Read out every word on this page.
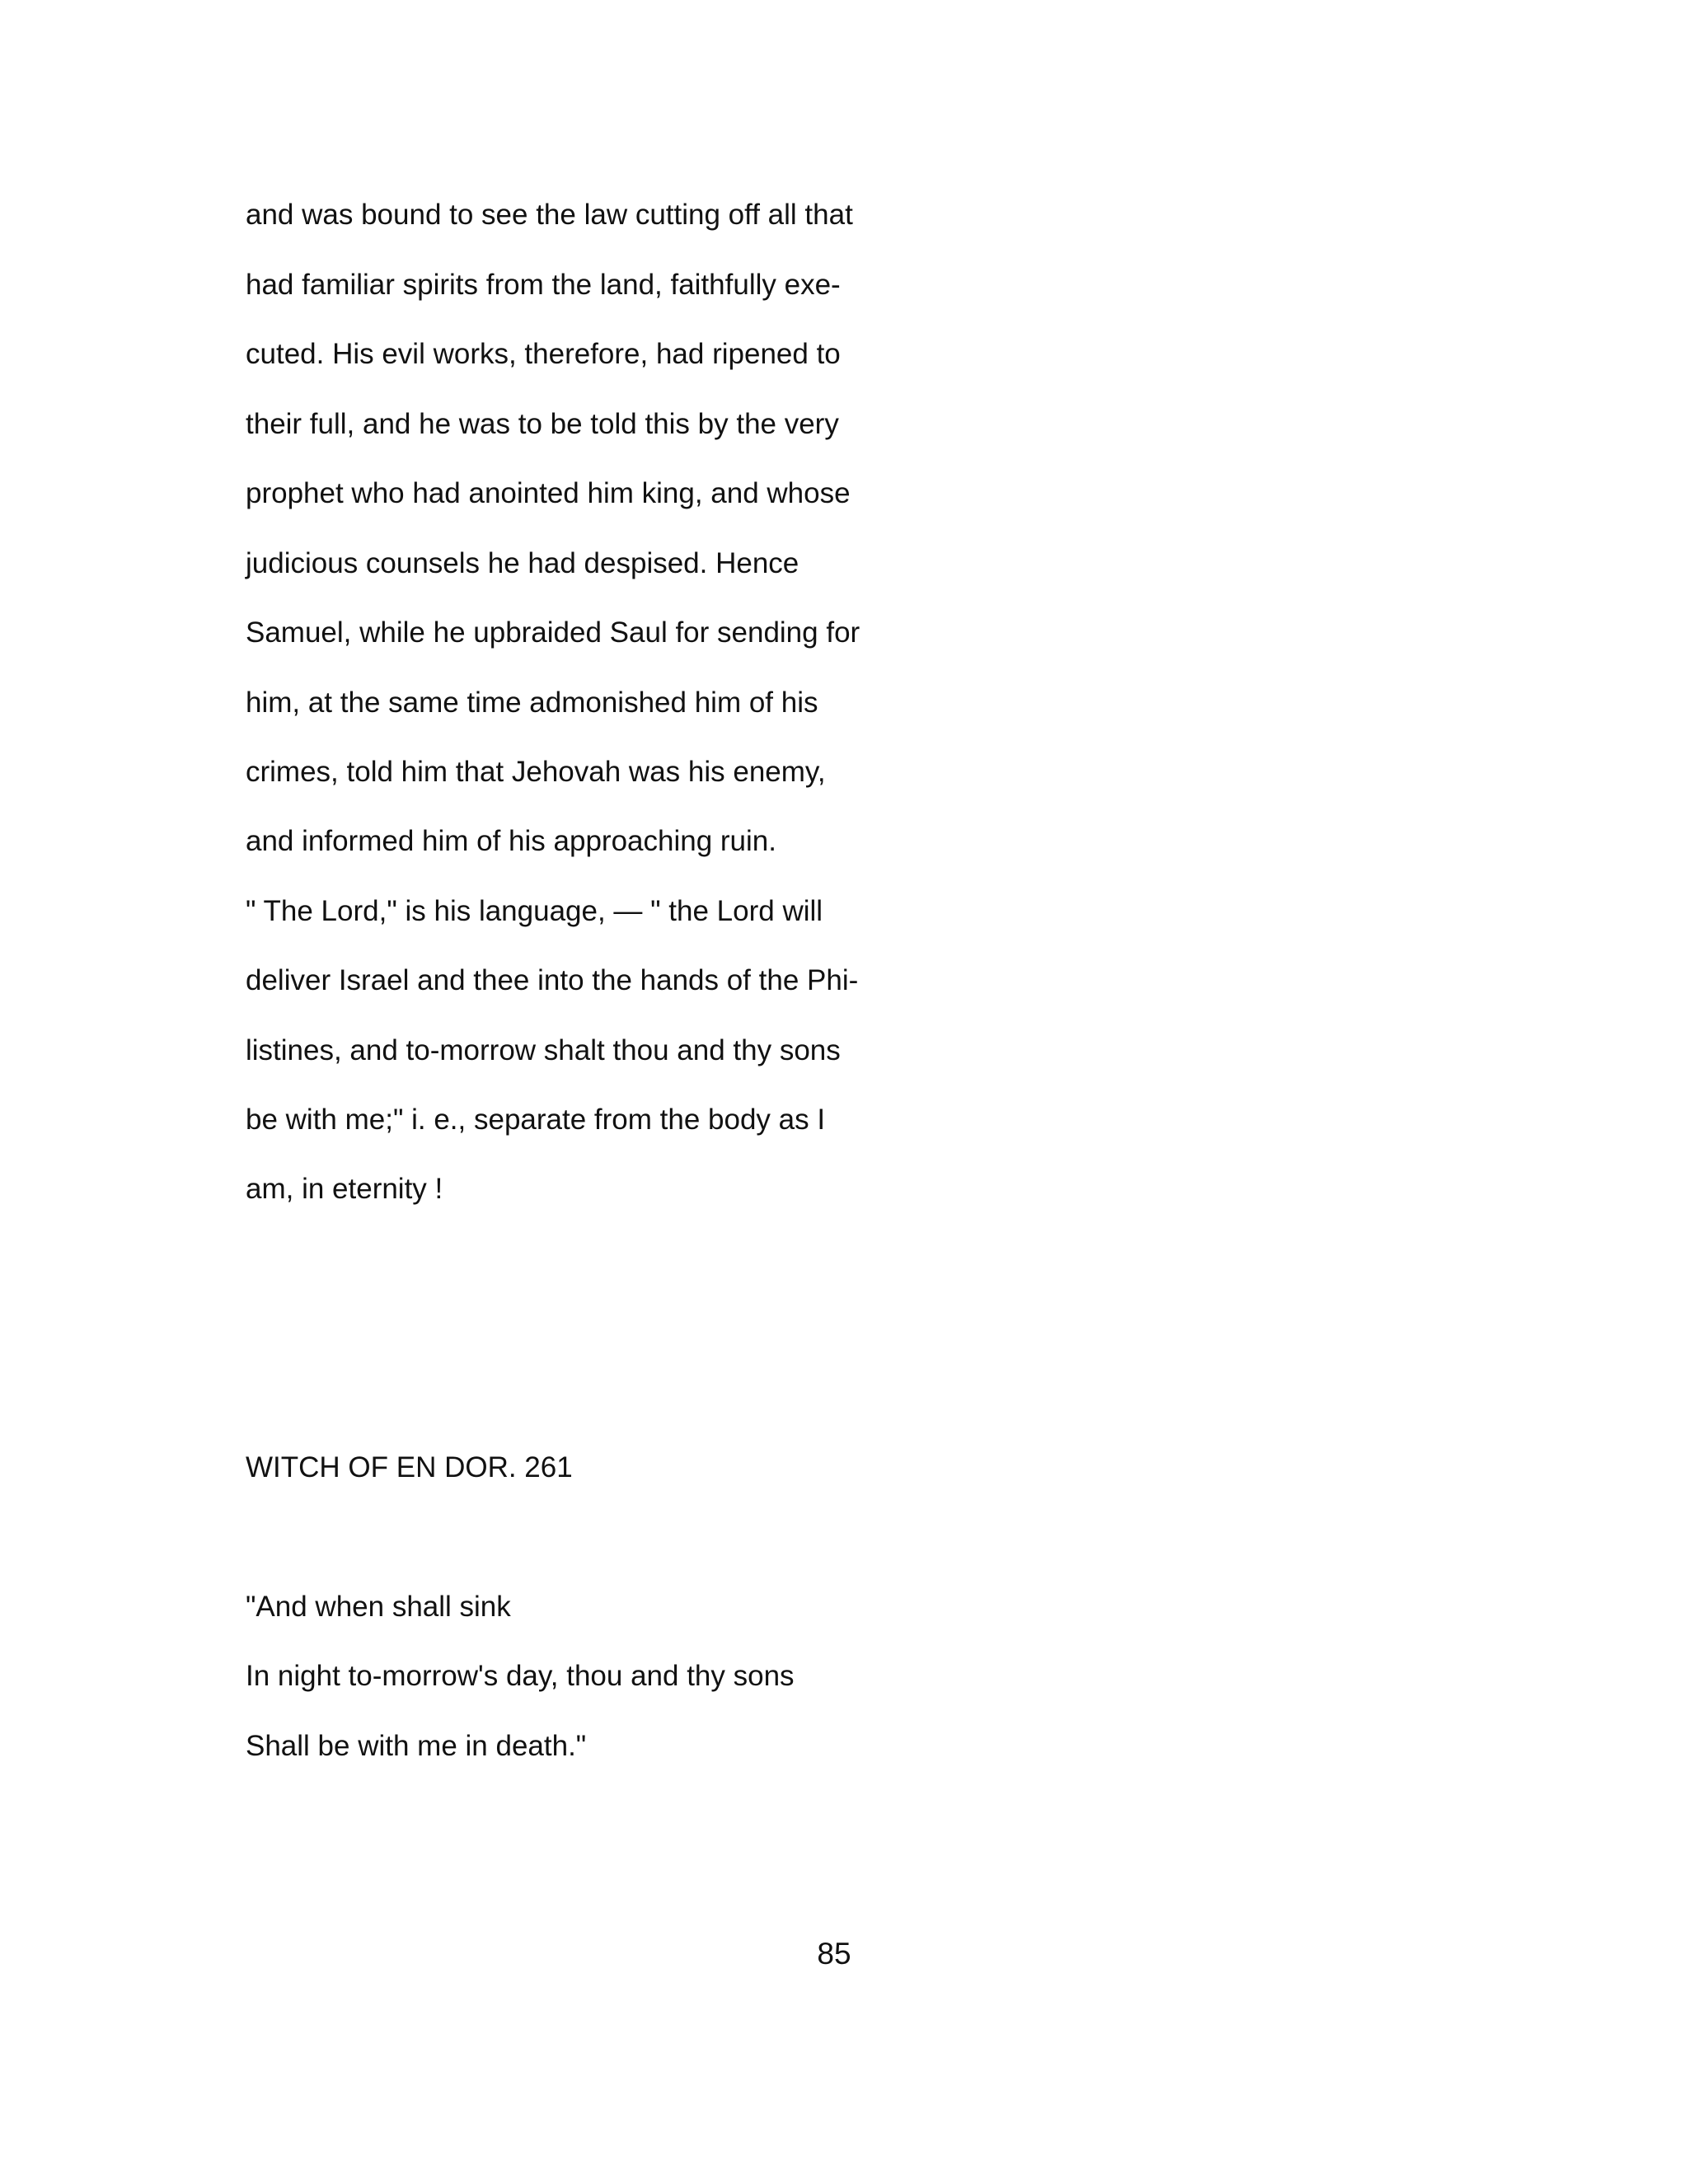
and was bound to see the law cutting off all that
had familiar spirits from the land, faithfully exe-
cuted. His evil works, therefore, had ripened to
their full, and he was to be told this by the very
prophet who had anointed him king, and whose
judicious counsels he had despised. Hence
Samuel, while he upbraided Saul for sending for
him, at the same time admonished him of his
crimes, told him that Jehovah was his enemy,
and informed him of his approaching ruin.
" The Lord," is his language, — " the Lord will
deliver Israel and thee into the hands of the Phi-
listines, and to-morrow shalt thou and thy sons
be with me;" i. e., separate from the body as I
am, in eternity !
WITCH OF EN DOR. 261
"And when shall sink
In night to-morrow's day, thou and thy sons
Shall be with me in death."
85
